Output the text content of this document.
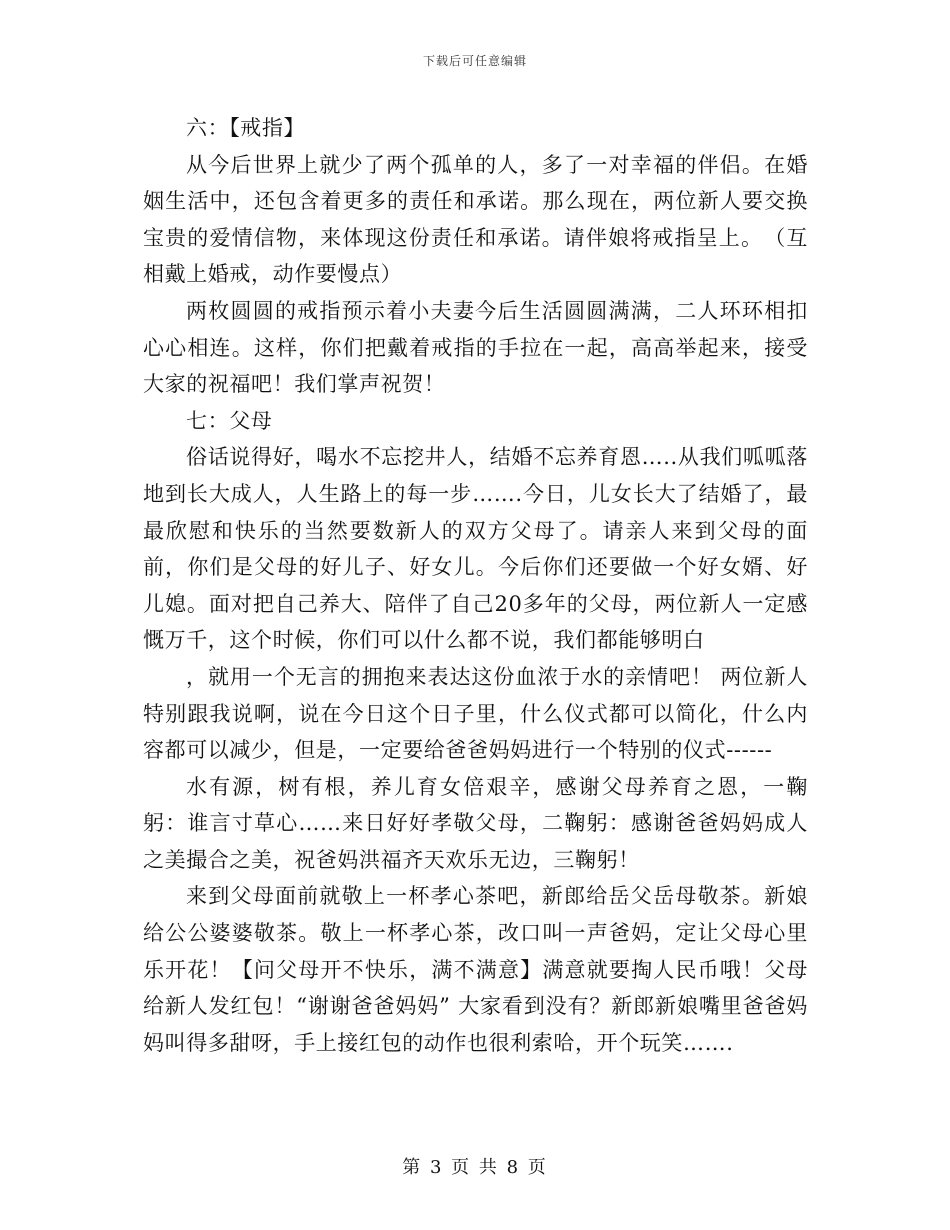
下载后可任意编辑

六：【戒指】

从今后世界上就少了两个孤单的人，多了一对幸福的伴侣。在婚姻生活中，还包含着更多的责任和承诺。那么现在，两位新人要交换宝贵的爱情信物，来体现这份责任和承诺。请伴娘将戒指呈上。　（互相戴上婚戒，动作要慢点）

两枚圆圆的戒指预示着小夫妻今后生活圆圆满满，二人环环相扣心心相连。这样，你们把戴着戒指的手拉在一起，高高举起来，接受大家的祝福吧！我们掌声祝贺！

七：父母

俗话说得好，喝水不忘挖井人，结婚不忘养育恩…..从我们呱呱落地到长大成人，人生路上的每一步…….今日，儿女长大了结婚了，最最欣慰和快乐的当然要数新人的双方父母了。请亲人来到父母的面前，你们是父母的好儿子、好女儿。今后你们还要做一个好女婿、好儿媳。面对把自己养大、陪伴了自己20多年的父母，两位新人一定感慨万千，这个时候，你们可以什么都不说，我们都能够明白

，就用一个无言的拥抱来表达这份血浓于水的亲情吧！ 两位新人特别跟我说啊，说在今日这个日子里，什么仪式都可以简化，什么内容都可以减少，但是，一定要给爸爸妈妈进行一个特别的仪式------

水有源，树有根，养儿育女倍艰辛，感谢父母养育之恩，一鞠躬：谁言寸草心……来日好好孝敬父母，二鞠躬：感谢爸爸妈妈成人之美撮合之美，祝爸妈洪福齐天欢乐无边，三鞠躬！

来到父母面前就敬上一杯孝心茶吧，新郎给岳父岳母敬茶。新娘给公公婆婆敬茶。敬上一杯孝心茶，改口叫一声爸妈，定让父母心里乐开花！【问父母开不快乐，满不满意】满意就要掏人民币哦！父母给新人发红包！“谢谢爸爸妈妈” 大家看到没有？新郎新娘嘴里爸爸妈妈叫得多甜呀，手上接红包的动作也很利索哈，开个玩笑…….

第 3 页 共 8 页
